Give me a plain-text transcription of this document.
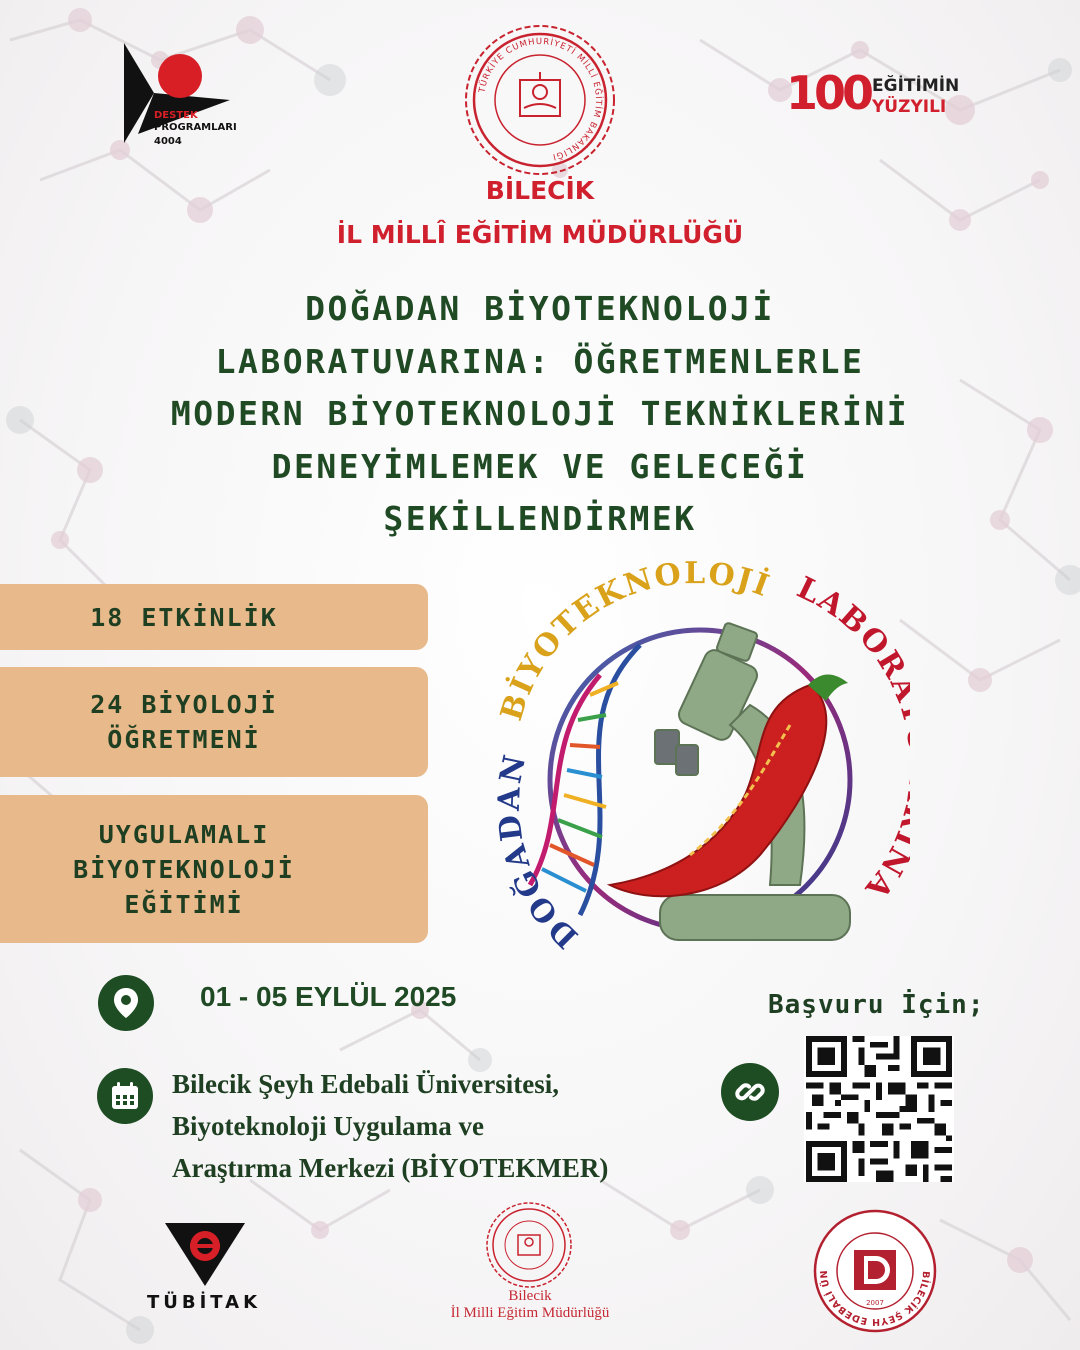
DESTEK
PROGRAMLARI
4004
TÜRKİYE CUMHURİYETİ MİLLİ EĞİTİM BAKANLIĞI
100 EĞİTİMİN
YÜZYILI
BİLECİK
İL MİLLÎ EĞİTİM MÜDÜRLÜĞÜ
DOĞADAN BİYOTEKNOLOJİ
LABORATUVARINA: ÖĞRETMENLERLE
MODERN BİYOTEKNOLOJİ TEKNİKLERİNİ
DENEYİMLEMEK VE GELECEĞİ
ŞEKİLLENDİRMEK
18 ETKİNLİK
24 BİYOLOJİ
ÖĞRETMENİ
UYGULAMALI
BİYOTEKNOLOJİ
EĞİTİMİ
DOĞADAN
BİYOTEKNOLOJİ LABOR A
01 - 05 EYLÜL 2025
Bilecik Şeyh Edebali Üniversitesi,
Biyoteknoloji Uygulama ve
Araştırma Merkezi (BİYOTEKMER)
Başvuru İçin;
TÜBİTAK	Bilecik
İl Milli Eğitim Müdürlüğü
BİLECİK ŞEYH EDEBALİ ÜN
2007
